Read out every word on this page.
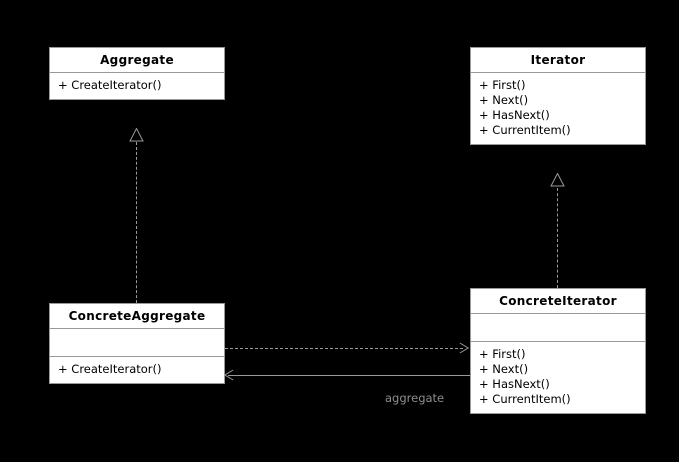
aggregate
Aggregate
+ CreateIterator()
Iterator
+ First()
+ Next()
+ HasNext()
+ CurrentItem()
ConcreteAggregate
+ CreateIterator()
ConcreteIterator
+ First()
+ Next()
+ HasNext()
+ CurrentItem()
